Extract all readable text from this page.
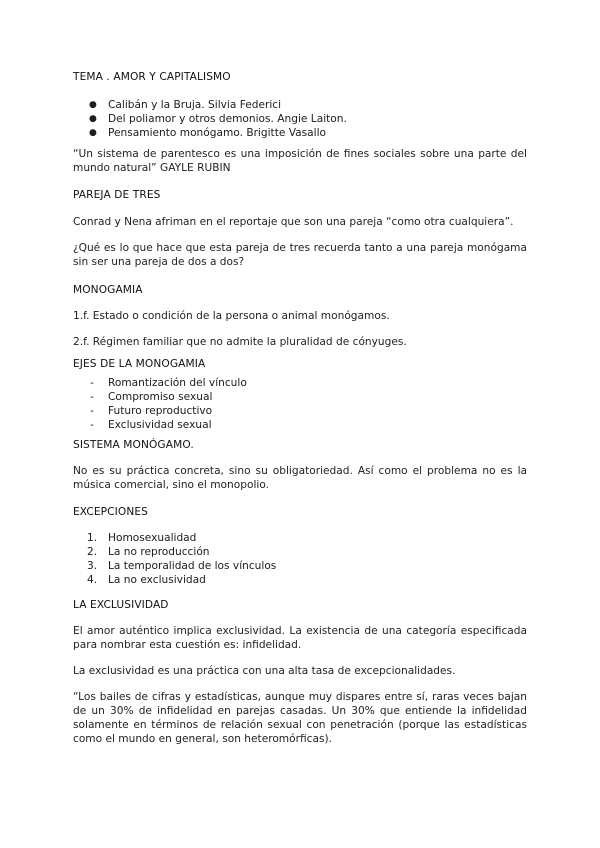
TEMA . AMOR Y CAPITALISMO
● Calibán y la Bruja. Silvia Federici
● Del poliamor y otros demonios. Angie Laiton.
● Pensamiento monógamo. Brigitte Vasallo
“Un sistema de parentesco es una imposición de fines sociales sobre una parte del mundo natural” GAYLE RUBIN
PAREJA DE TRES
Conrad y Nena afriman en el reportaje que son una pareja “como otra cualquiera”.
¿Qué es lo que hace que esta pareja de tres recuerda tanto a una pareja monógama sin ser una pareja de dos a dos?
MONOGAMIA
1.f. Estado o condición de la persona o animal monógamos.
2.f. Régimen familiar que no admite la pluralidad de cónyuges.
EJES DE LA MONOGAMIA
- Romantización del vínculo
- Compromiso sexual
- Futuro reproductivo
- Exclusividad sexual
SISTEMA MONÓGAMO.
No es su práctica concreta, sino su obligatoriedad. Así como el problema no es la música comercial, sino el monopolio.
EXCEPCIONES
1. Homosexualidad
2. La no reproducción
3. La temporalidad de los vínculos
4. La no exclusividad
LA EXCLUSIVIDAD
El amor auténtico implica exclusividad. La existencia de una categoría especificada para nombrar esta cuestión es: infidelidad.
La exclusividad es una práctica con una alta tasa de excepcionalidades.
“Los bailes de cifras y estadísticas, aunque muy dispares entre sí, raras veces bajan de un 30% de infidelidad en parejas casadas. Un 30% que entiende la infidelidad solamente en términos de relación sexual con penetración (porque las estadísticas como el mundo en general, son heteromórficas).
